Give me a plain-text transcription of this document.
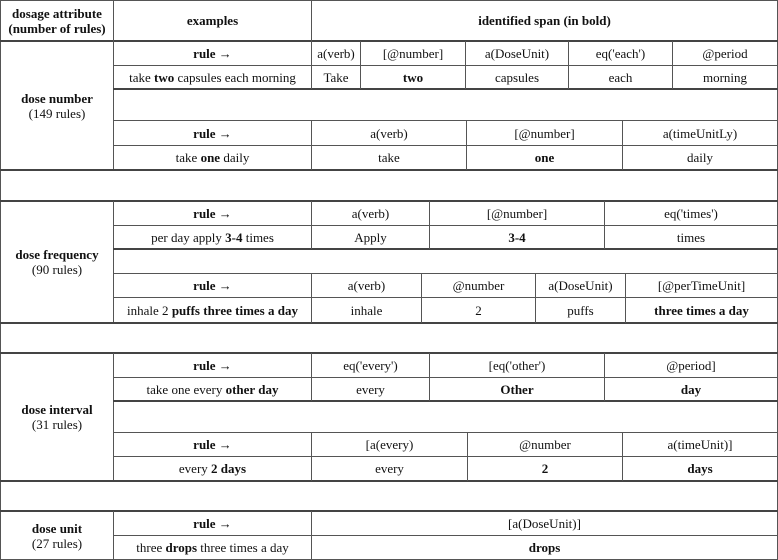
dosage attribute
(number of rules)	examples	identified span (in bold)
dose number
(149 rules)
rule →	a(verb)	[@number]	a(DoseUnit)	eq('each')	@period
take two capsules each morning	Take	two	capsules	each	morning
rule →	a(verb)	[@number]	a(timeUnitLy)
take one daily	take	one	daily
dose frequency
(90 rules)
rule →	a(verb)	[@number]	eq('times')
per day apply 3-4 times	Apply	3-4	times
rule →	a(verb)	@number	a(DoseUnit)	[@perTimeUnit]
inhale 2 puffs three times a day	inhale	2	puffs	three times a day
dose interval
(31 rules)
rule →	eq('every')	[eq('other')	@period]
take one every other day	every	Other	day
rule →	[a(every)	@number	a(timeUnit)]
every 2 days	every	2	days
dose unit
(27 rules)
rule →	[a(DoseUnit)]
three drops three times a day	drops
